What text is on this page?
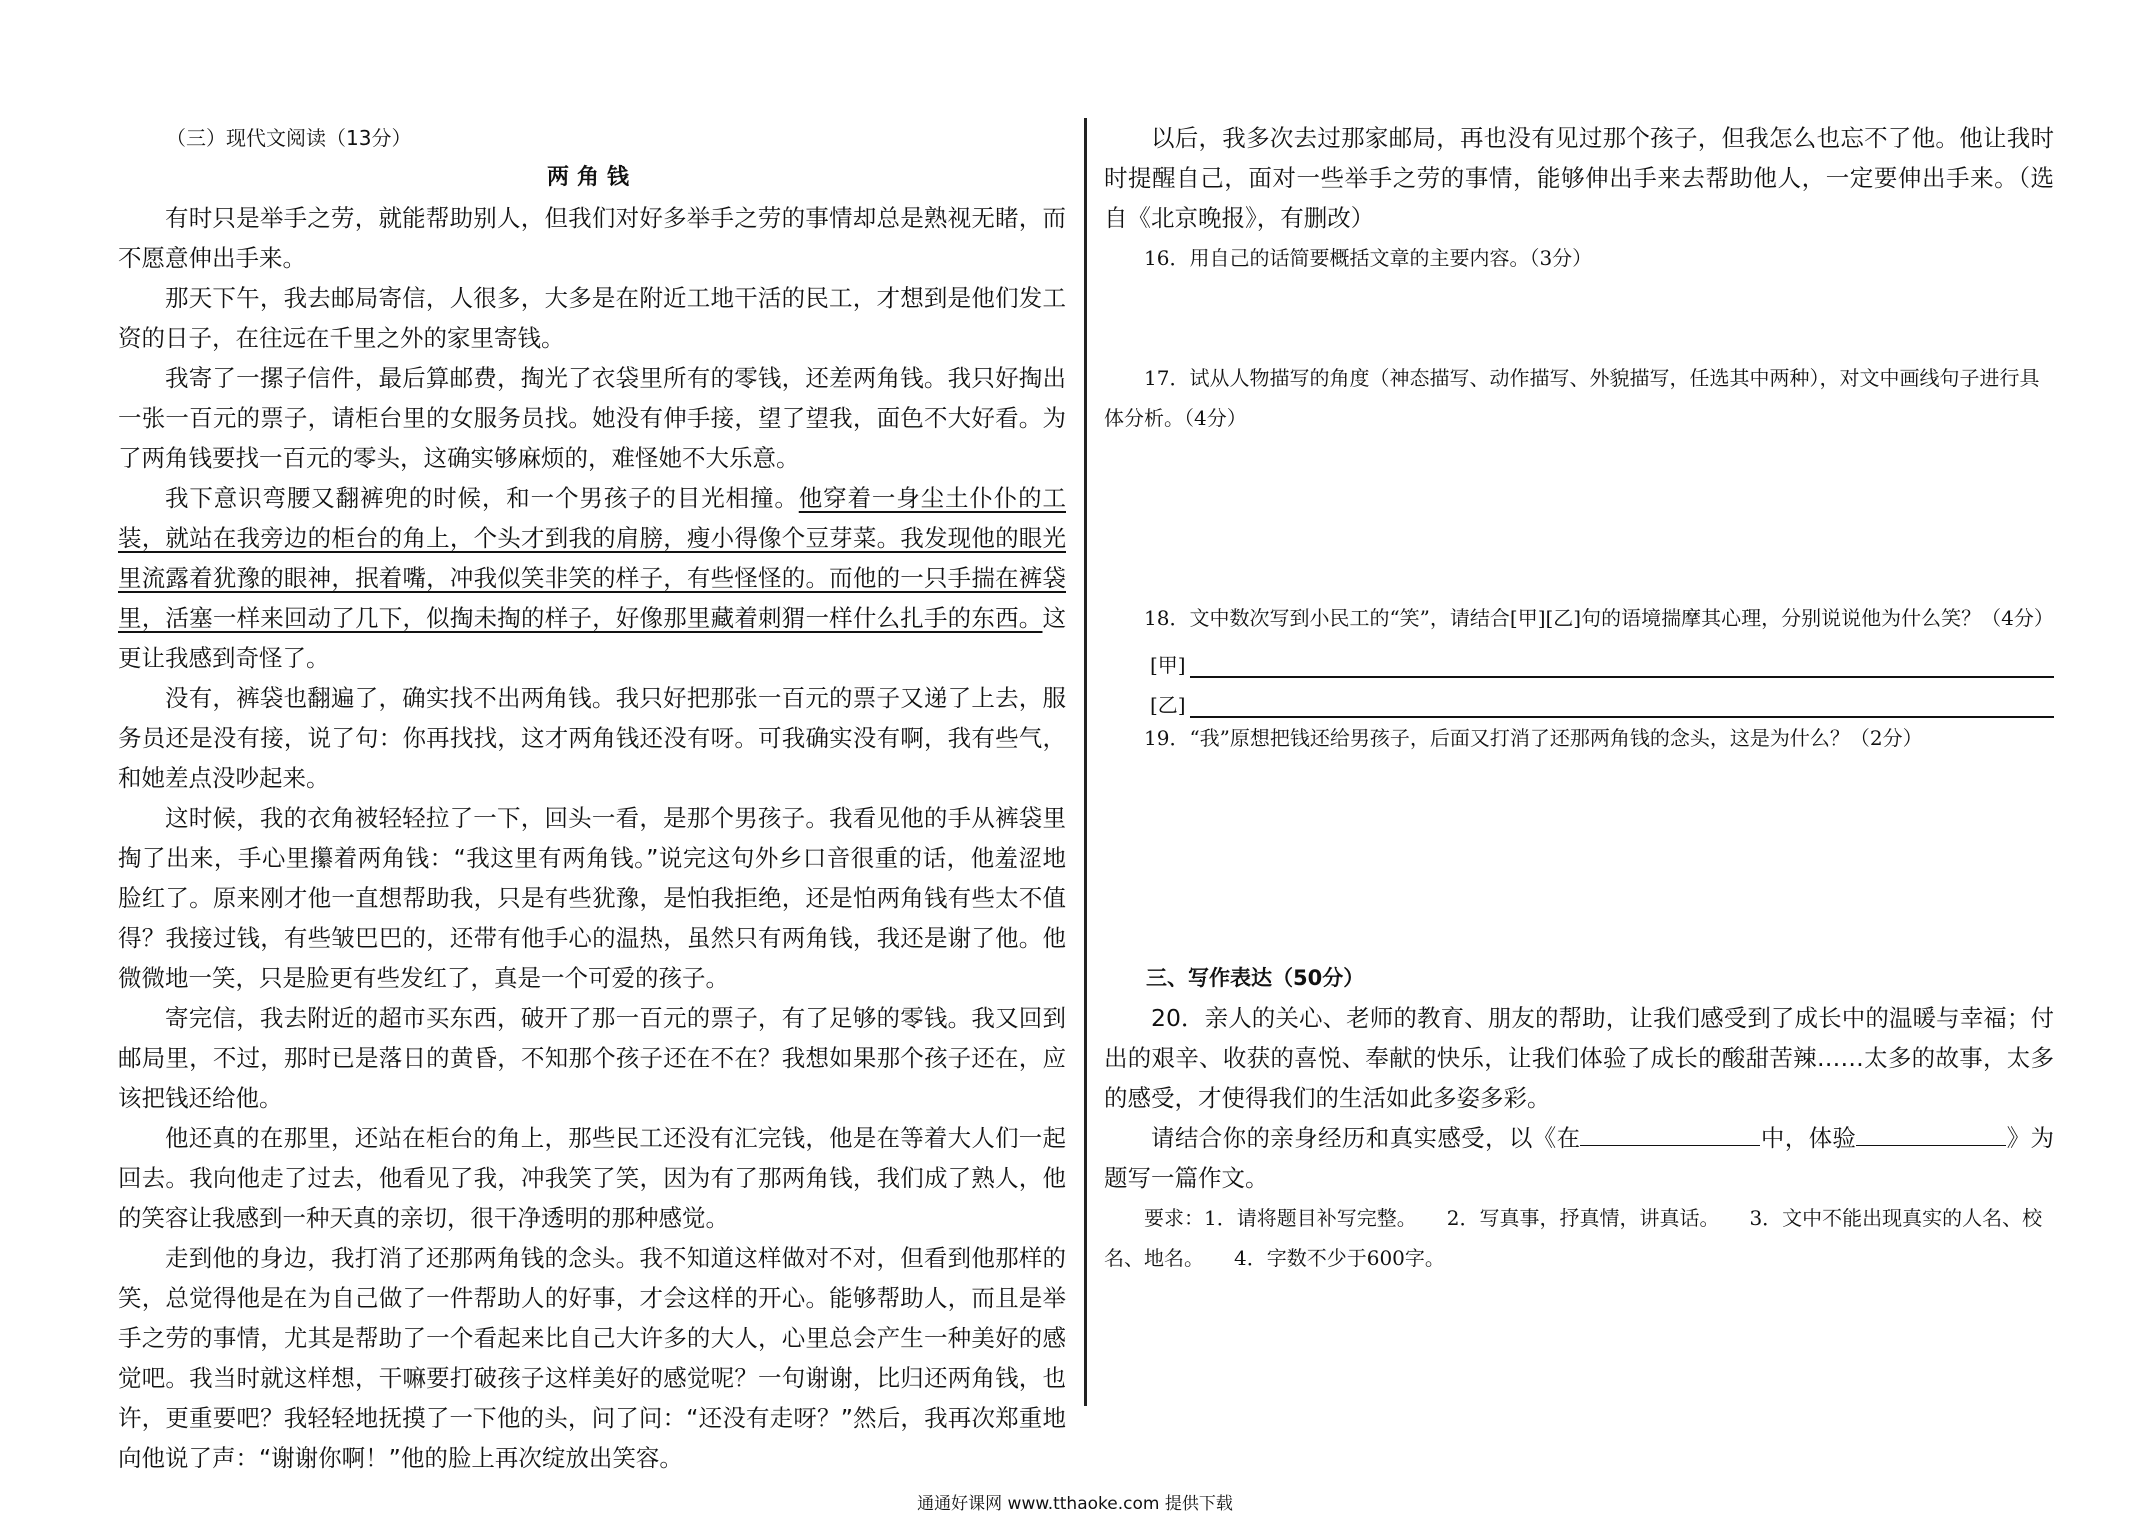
（三）现代文阅读（13分）
两角钱

有时只是举手之劳，就能帮助别人，但我们对好多举手之劳的事情却总是熟视无睹，而不愿意伸出手来。

那天下午，我去邮局寄信，人很多，大多是在附近工地干活的民工，才想到是他们发工资的日子，在往远在千里之外的家里寄钱。

我寄了一摞子信件，最后算邮费，掏光了衣袋里所有的零钱，还差两角钱。我只好掏出一张一百元的票子，请柜台里的女服务员找。她没有伸手接，望了望我，面色不大好看。为了两角钱要找一百元的零头，这确实够麻烦的，难怪她不大乐意。

我下意识弯腰又翻裤兜的时候，和一个男孩子的目光相撞。他穿着一身尘土仆仆的工装，就站在我旁边的柜台的角上，个头才到我的肩膀，瘦小得像个豆芽菜。我发现他的眼光里流露着犹豫的眼神，抿着嘴，冲我似笑非笑的样子，有些怪怪的。而他的一只手揣在裤袋里，活塞一样来回动了几下，似掏未掏的样子，好像那里藏着刺猬一样什么扎手的东西。这更让我感到奇怪了。

没有，裤袋也翻遍了，确实找不出两角钱。我只好把那张一百元的票子又递了上去，服务员还是没有接，说了句：你再找找，这才两角钱还没有呀。可我确实没有啊，我有些气，和她差点没吵起来。

这时候，我的衣角被轻轻拉了一下，回头一看，是那个男孩子。我看见他的手从裤袋里掏了出来，手心里攥着两角钱：“我这里有两角钱。”说完这句外乡口音很重的话，他羞涩地脸红了。原来刚才他一直想帮助我，只是有些犹豫，是怕我拒绝，还是怕两角钱有些太不值得？我接过钱，有些皱巴巴的，还带有他手心的温热，虽然只有两角钱，我还是谢了他。他微微地一笑，只是脸更有些发红了，真是一个可爱的孩子。

寄完信，我去附近的超市买东西，破开了那一百元的票子，有了足够的零钱。我又回到邮局里，不过，那时已是落日的黄昏，不知那个孩子还在不在？我想如果那个孩子还在，应该把钱还给他。

他还真的在那里，还站在柜台的角上，那些民工还没有汇完钱，他是在等着大人们一起回去。我向他走了过去，他看见了我，冲我笑了笑，因为有了那两角钱，我们成了熟人，他的笑容让我感到一种天真的亲切，很干净透明的那种感觉。

走到他的身边，我打消了还那两角钱的念头。我不知道这样做对不对，但看到他那样的笑，总觉得他是在为自己做了一件帮助人的好事，才会这样的开心。能够帮助人，而且是举手之劳的事情，尤其是帮助了一个看起来比自己大许多的大人，心里总会产生一种美好的感觉吧。我当时就这样想，干嘛要打破孩子这样美好的感觉呢？一句谢谢，比归还两角钱，也许，更重要吧？我轻轻地抚摸了一下他的头，问了问：“还没有走呀？”然后，我再次郑重地向他说了声：“谢谢你啊！”他的脸上再次绽放出笑容。

以后，我多次去过那家邮局，再也没有见过那个孩子，但我怎么也忘不了他。他让我时时提醒自己，面对一些举手之劳的事情，能够伸出手来去帮助他人，一定要伸出手来。（选自《北京晚报》，有删改）

16．用自己的话简要概括文章的主要内容。（3分）

17．试从人物描写的角度（神态描写、动作描写、外貌描写，任选其中两种），对文中画线句子进行具体分析。（4分）

18．文中数次写到小民工的“笑”，请结合[甲][乙]句的语境揣摩其心理，分别说说他为什么笑？（4分）

[甲]
[乙]

19．“我”原想把钱还给男孩子，后面又打消了还那两角钱的念头，这是为什么？（2分）

三、写作表达（50分）

20．亲人的关心、老师的教育、朋友的帮助，让我们感受到了成长中的温暖与幸福；付出的艰辛、收获的喜悦、奉献的快乐，让我们体验了成长的酸甜苦辣……太多的故事，太多的感受，才使得我们的生活如此多姿多彩。

请结合你的亲身经历和真实感受，以《在	中，体验	》为题写一篇作文。

要求：1．请将题目补写完整。　　2．写真事，抒真情，讲真话。　　3．文中不能出现真实的人名、校名、地名。　　4．字数不少于600字。

通通好课网 www.tthaoke.com 提供下载
